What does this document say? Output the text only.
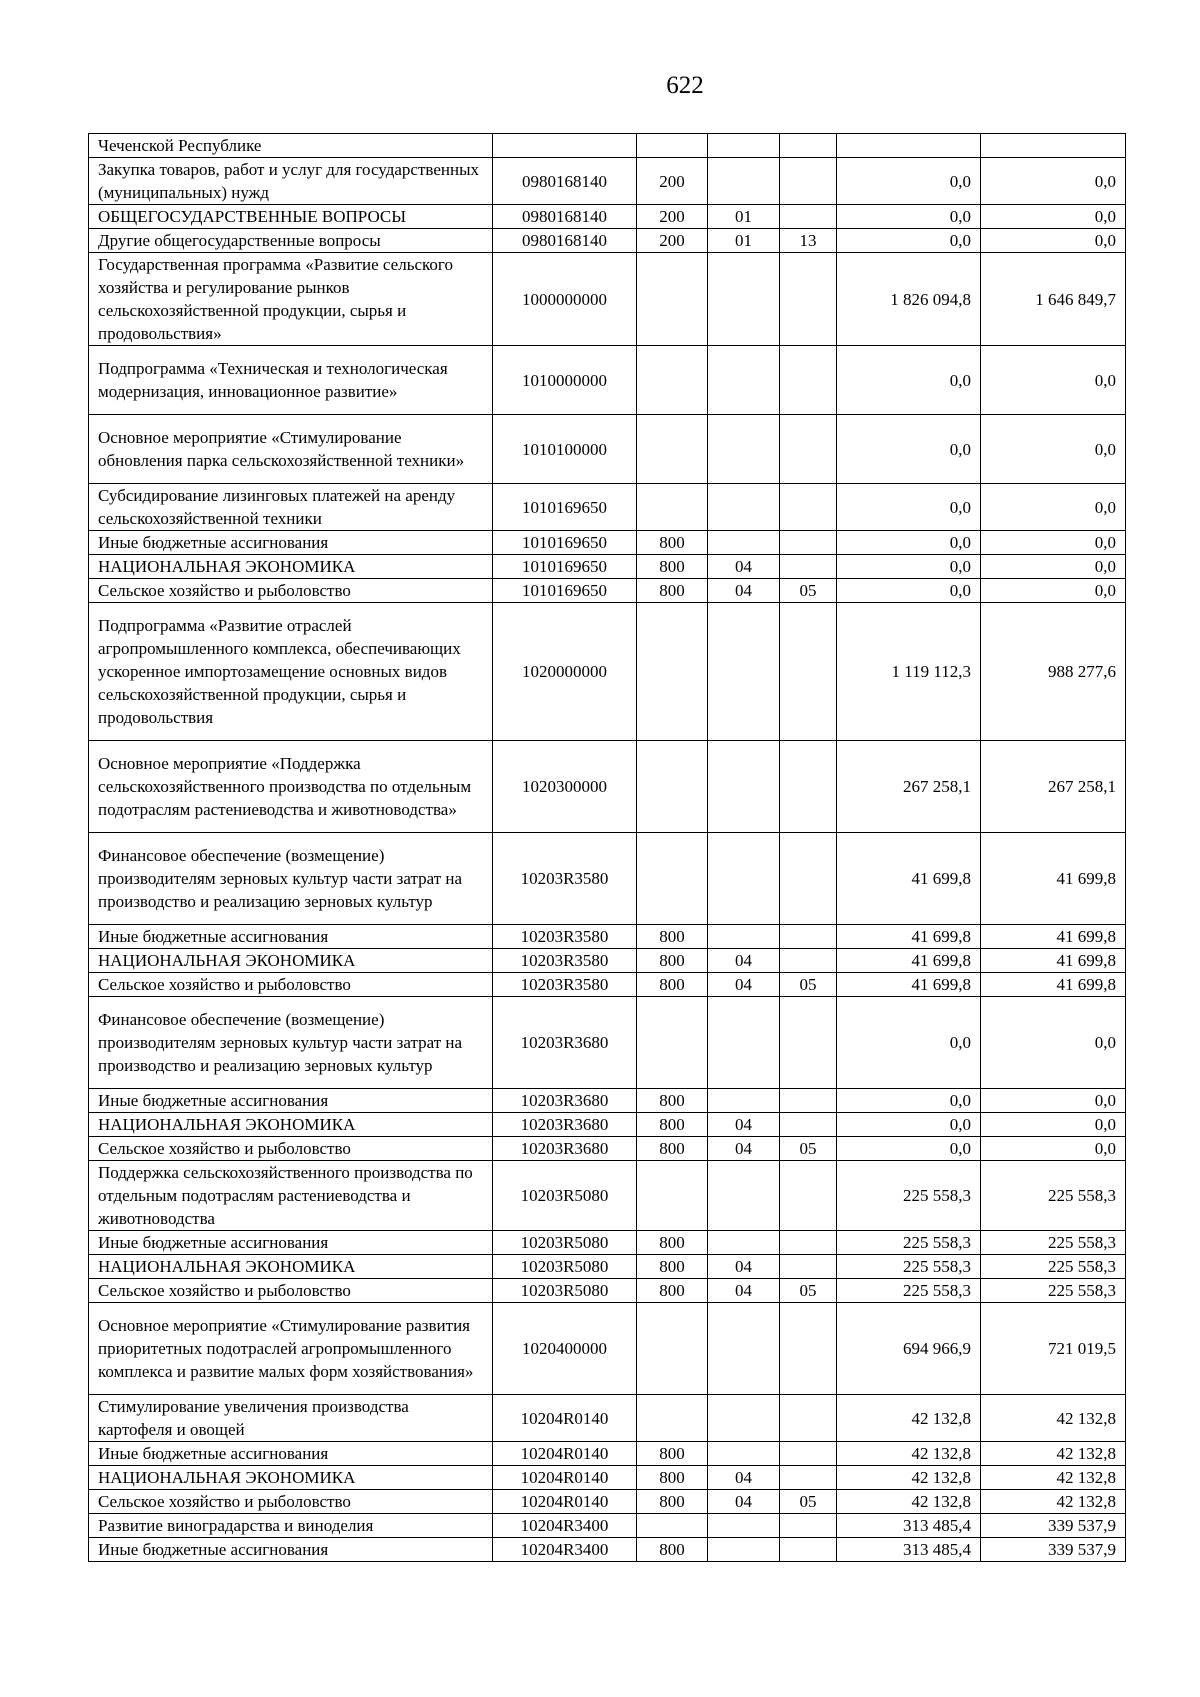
622
Чеченской Республике						
Закупка товаров, работ и услуг для государственных (муниципальных) нужд	0980168140	200			0,0	0,0
ОБЩЕГОСУДАРСТВЕННЫЕ ВОПРОСЫ	0980168140	200	01		0,0	0,0
Другие общегосударственные вопросы	0980168140	200	01	13	0,0	0,0
Государственная программа «Развитие сельского хозяйства и регулирование рынков сельскохозяйственной продукции, сырья и продовольствия»	1000000000				1 826 094,8	1 646 849,7
Подпрограмма «Техническая и технологическая модернизация, инновационное развитие»	1010000000				0,0	0,0
Основное мероприятие «Стимулирование обновления парка сельскохозяйственной техники»	1010100000				0,0	0,0
Субсидирование лизинговых платежей на аренду сельскохозяйственной техники	1010169650				0,0	0,0
Иные бюджетные ассигнования	1010169650	800			0,0	0,0
НАЦИОНАЛЬНАЯ ЭКОНОМИКА	1010169650	800	04		0,0	0,0
Сельское хозяйство и рыболовство	1010169650	800	04	05	0,0	0,0
Подпрограмма «Развитие отраслей агропромышленного комплекса, обеспечивающих ускоренное импортозамещение основных видов сельскохозяйственной продукции, сырья и продовольствия	1020000000				1 119 112,3	988 277,6
Основное мероприятие «Поддержка сельскохозяйственного производства по отдельным подотраслям растениеводства и животноводства»	1020300000				267 258,1	267 258,1
Финансовое обеспечение (возмещение) производителям зерновых культур части затрат на производство и реализацию зерновых культур	10203R3580				41 699,8	41 699,8
Иные бюджетные ассигнования	10203R3580	800			41 699,8	41 699,8
НАЦИОНАЛЬНАЯ ЭКОНОМИКА	10203R3580	800	04		41 699,8	41 699,8
Сельское хозяйство и рыболовство	10203R3580	800	04	05	41 699,8	41 699,8
Финансовое обеспечение (возмещение) производителям зерновых культур части затрат на производство и реализацию зерновых культур	10203R3680				0,0	0,0
Иные бюджетные ассигнования	10203R3680	800			0,0	0,0
НАЦИОНАЛЬНАЯ ЭКОНОМИКА	10203R3680	800	04		0,0	0,0
Сельское хозяйство и рыболовство	10203R3680	800	04	05	0,0	0,0
Поддержка сельскохозяйственного производства по отдельным подотраслям растениеводства и животноводства	10203R5080				225 558,3	225 558,3
Иные бюджетные ассигнования	10203R5080	800			225 558,3	225 558,3
НАЦИОНАЛЬНАЯ ЭКОНОМИКА	10203R5080	800	04		225 558,3	225 558,3
Сельское хозяйство и рыболовство	10203R5080	800	04	05	225 558,3	225 558,3
Основное мероприятие «Стимулирование развития приоритетных подотраслей агропромышленного комплекса и развитие малых форм хозяйствования»	1020400000				694 966,9	721 019,5
Стимулирование увеличения производства картофеля и овощей	10204R0140				42 132,8	42 132,8
Иные бюджетные ассигнования	10204R0140	800			42 132,8	42 132,8
НАЦИОНАЛЬНАЯ ЭКОНОМИКА	10204R0140	800	04		42 132,8	42 132,8
Сельское хозяйство и рыболовство	10204R0140	800	04	05	42 132,8	42 132,8
Развитие виноградарства и виноделия	10204R3400				313 485,4	339 537,9
Иные бюджетные ассигнования	10204R3400	800			313 485,4	339 537,9
